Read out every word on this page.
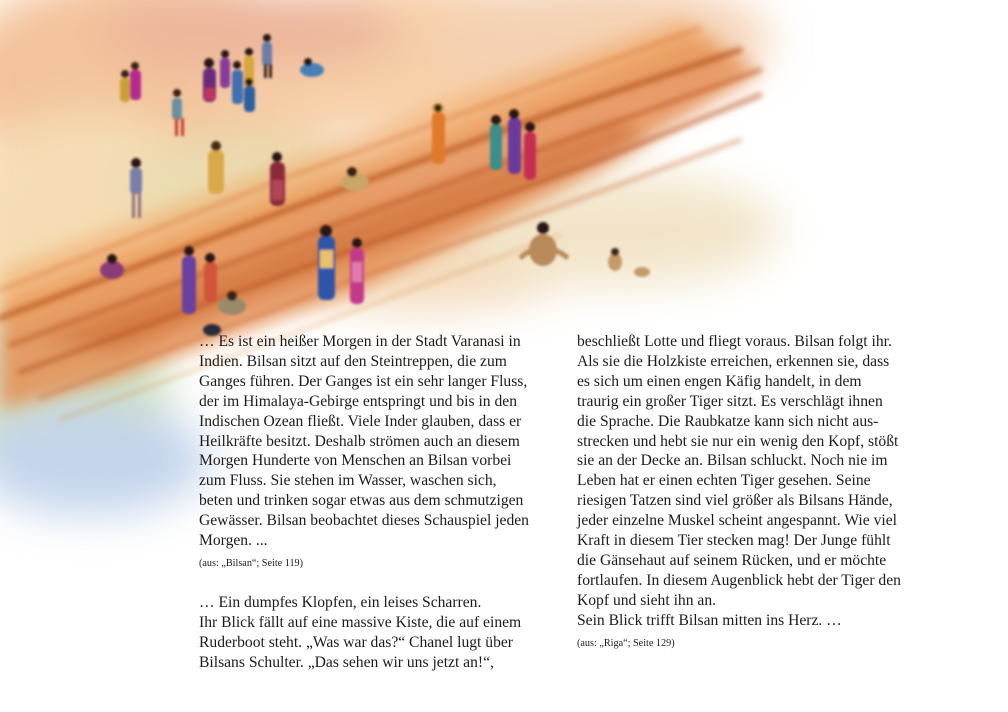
… Es ist ein heißer Morgen in der Stadt Varanasi in
Indien. Bilsan sitzt auf den Steintreppen, die zum
Ganges führen. Der Ganges ist ein sehr langer Fluss,
der im Himalaya-Gebirge entspringt und bis in den
Indischen Ozean fließt. Viele Inder glauben, dass er
Heilkräfte besitzt. Deshalb strömen auch an diesem
Morgen Hunderte von Menschen an Bilsan vorbei
zum Fluss. Sie stehen im Wasser, waschen sich,
beten und trinken sogar etwas aus dem schmutzigen
Gewässer. Bilsan beobachtet dieses Schauspiel jeden
Morgen. ...
(aus: „Bilsan“; Seite 119)
… Ein dumpfes Klopfen, ein leises Scharren.
Ihr Blick fällt auf eine massive Kiste, die auf einem
Ruderboot steht. „Was war das?“ Chanel lugt über
Bilsans Schulter. „Das sehen wir uns jetzt an!“,
beschließt Lotte und fliegt voraus. Bilsan folgt ihr.
Als sie die Holzkiste erreichen, erkennen sie, dass
es sich um einen engen Käfig handelt, in dem
traurig ein großer Tiger sitzt. Es verschlägt ihnen
die Sprache. Die Raubkatze kann sich nicht aus-
strecken und hebt sie nur ein wenig den Kopf, stößt
sie an der Decke an. Bilsan schluckt. Noch nie im
Leben hat er einen echten Tiger gesehen. Seine
riesigen Tatzen sind viel größer als Bilsans Hände,
jeder einzelne Muskel scheint angespannt. Wie viel
Kraft in diesem Tier stecken mag! Der Junge fühlt
die Gänsehaut auf seinem Rücken, und er möchte
fortlaufen. In diesem Augenblick hebt der Tiger den
Kopf und sieht ihn an.
Sein Blick trifft Bilsan mitten ins Herz. …
(aus: „Riga“; Seite 129)
